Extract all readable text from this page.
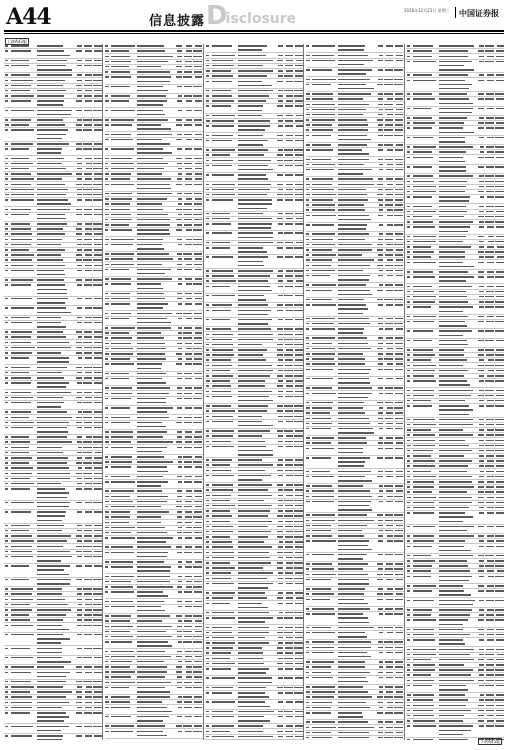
A44	信息披露 D
isclosure
2016年12月21日 星期三 中国证券报
上接A43版
下转A45版
